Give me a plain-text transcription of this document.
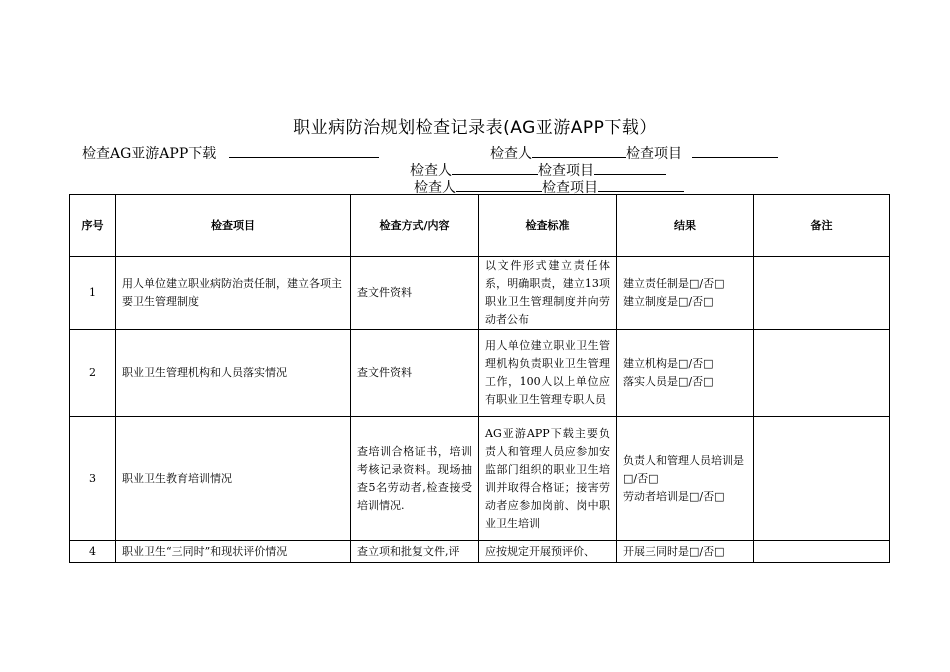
职业病防治规划检查记录表(AG亚游APP下载）
检查AG亚游APP下载	检查人	检查项目
检查人	检查项目
检查人	检查项目
序号	检查项目	检查方式/内容	检查标准	结果	备注
1	用人单位建立职业病防治责任制，建立各项主要卫生管理制度	查文件资料	以文件形式建立责任体系，明确职责，建立13项职业卫生管理制度并向劳动者公布	建立责任制是□/否□
建立制度是□/否□	

2	职业卫生管理机构和人员落实情况	查文件资料	用人单位建立职业卫生管理机构负责职业卫生管理工作，100人以上单位应有职业卫生管理专职人员	建立机构是□/否□
落实人员是□/否□	

3	职业卫生教育培训情况	查培训合格证书，培训考核记录资料。现场抽查5名劳动者,检查接受培训情况.	AG亚游APP下载主要负责人和管理人员应参加安监部门组织的职业卫生培训并取得合格证；接害劳动者应参加岗前、岗中职业卫生培训	负责人和管理人员培训是□/否□
劳动者培训是□/否□	

4	职业卫生“三同时”和现状评价情况	查立项和批复文件,评	应按规定开展预评价、	开展三同时是□/否□	
